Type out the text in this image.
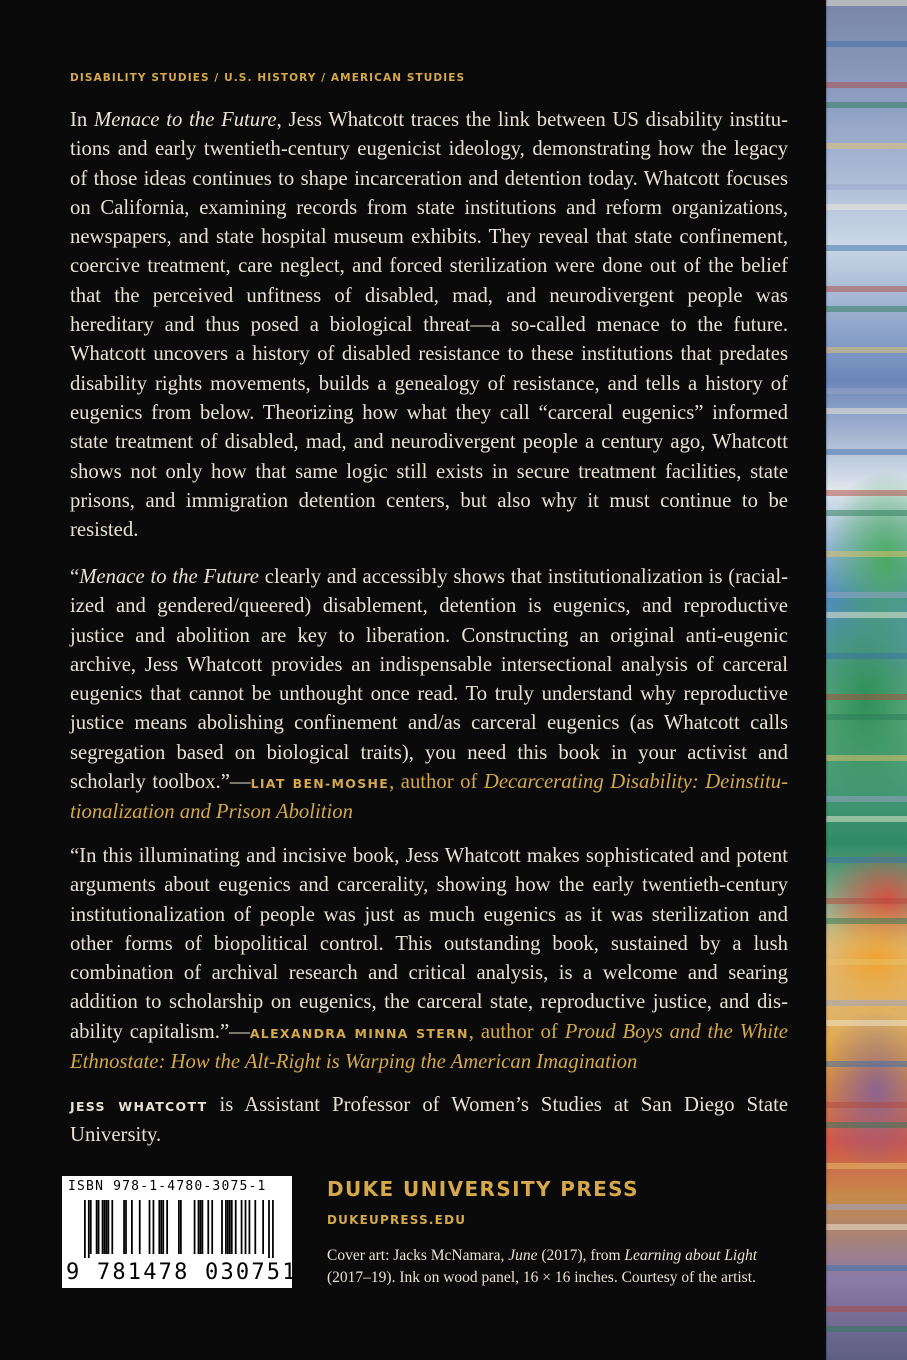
DISABILITY STUDIES / U.S. HISTORY / AMERICAN STUDIES

In Menace to the Future, Jess Whatcott traces the link between US disability institutions and early twentieth-century eugenicist ideology, demonstrating how the legacy of those ideas continues to shape incarceration and detention today. Whatcott focuses on California, examining records from state institutions and reform organizations, newspapers, and state hospital museum exhibits. They reveal that state confinement, coercive treatment, care neglect, and forced sterilization were done out of the belief that the perceived unfitness of disabled, mad, and neurodivergent people was hereditary and thus posed a biological threat—a so-called menace to the future. Whatcott uncovers a history of disabled resistance to these institutions that predates disability rights movements, builds a genealogy of resistance, and tells a history of eugenics from below. Theorizing how what they call “carceral eugenics” informed state treatment of disabled, mad, and neurodivergent people a century ago, Whatcott shows not only how that same logic still exists in secure treatment facilities, state prisons, and immigration detention centers, but also why it must continue to be resisted.

“Menace to the Future clearly and accessibly shows that institutionalization is (racialized and gendered/queered) disablement, detention is eugenics, and reproductive justice and abolition are key to liberation. Constructing an original anti-eugenic archive, Jess Whatcott provides an indispensable intersectional analysis of carceral eugenics that cannot be unthought once read. To truly understand why reproductive justice means abolishing confinement and/as carceral eugenics (as Whatcott calls segregation based on biological traits), you need this book in your activist and scholarly toolbox.”—LIAT BEN-MOSHE, author of Decarcerating Disability: Deinstitutionalization and Prison Abolition

“In this illuminating and incisive book, Jess Whatcott makes sophisticated and potent arguments about eugenics and carcerality, showing how the early twentieth-century institutionalization of people was just as much eugenics as it was sterilization and other forms of biopolitical control. This outstanding book, sustained by a lush combination of archival research and critical analysis, is a welcome and searing addition to scholarship on eugenics, the carceral state, reproductive justice, and disability capitalism.”—ALEXANDRA MINNA STERN, author of Proud Boys and the White Ethnostate: How the Alt-Right is Warping the American Imagination

JESS WHATCOTT is Assistant Professor of Women’s Studies at San Diego State University.

ISBN 978-1-4780-3075-1
9 781478 030751

DUKE UNIVERSITY PRESS

DUKEUPRESS.EDU

Cover art: Jacks McNamara, June (2017), from Learning about Light (2017–19). Ink on wood panel, 16 × 16 inches. Courtesy of the artist.
